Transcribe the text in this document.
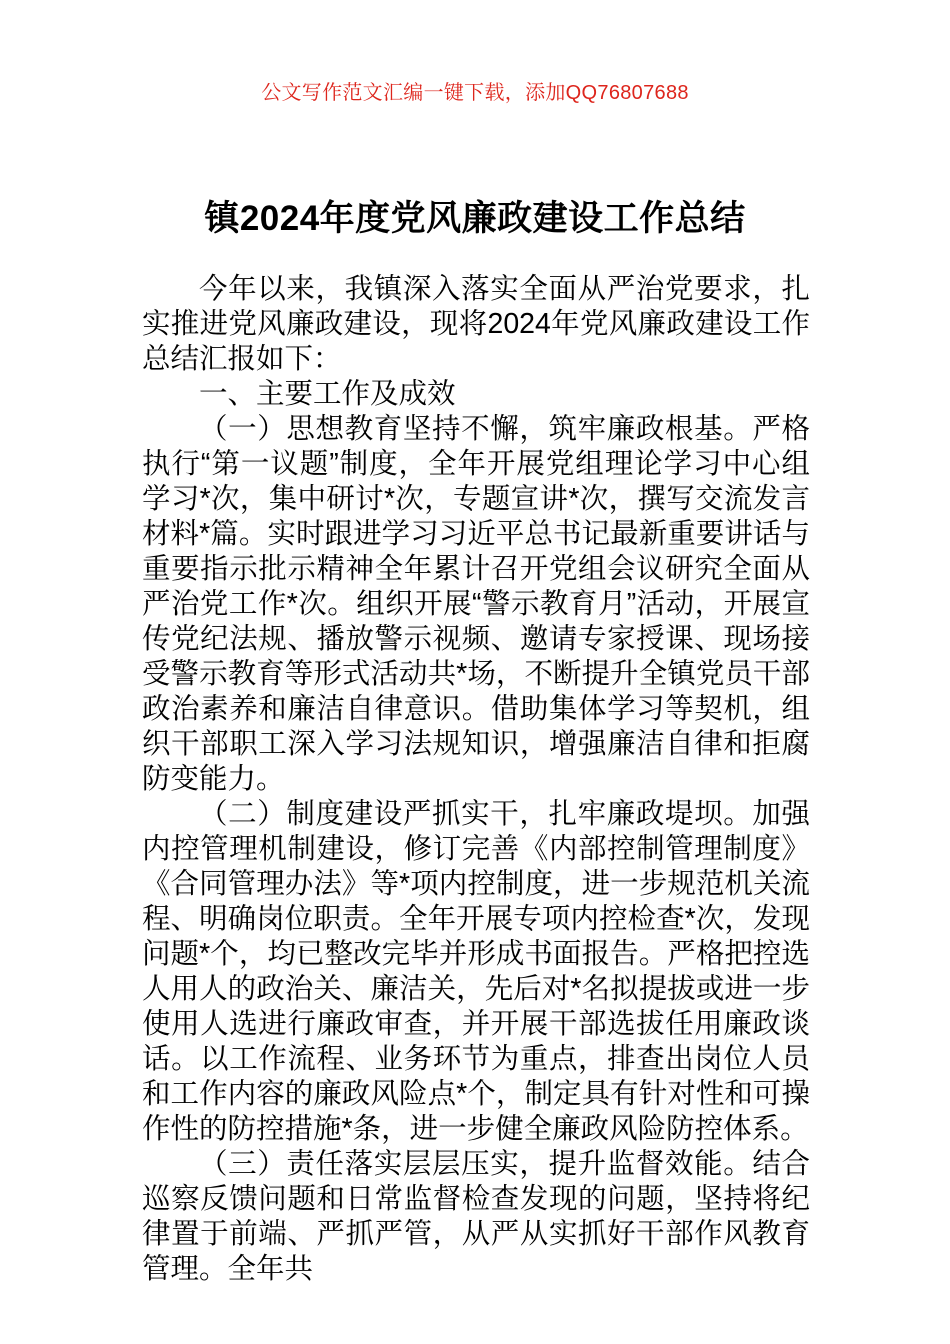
公文写作范文汇编一键下载，添加QQ76807688
镇2024年度党风廉政建设工作总结

今年以来，我镇深入落实全面从严治党要求，扎实推进党风廉政建设，现将2024年党风廉政建设工作总结汇报如下：

一、主要工作及成效

（一）思想教育坚持不懈，筑牢廉政根基。严格执行“第一议题”制度，全年开展党组理论学习中心组学习*次，集中研讨*次，专题宣讲*次，撰写交流发言材料*篇。实时跟进学习习近平总书记最新重要讲话与重要指示批示精神全年累计召开党组会议研究全面从严治党工作*次。组织开展“警示教育月”活动，开展宣传党纪法规、播放警示视频、邀请专家授课、现场接受警示教育等形式活动共*场，不断提升全镇党员干部政治素养和廉洁自律意识。借助集体学习等契机，组织干部职工深入学习法规知识，增强廉洁自律和拒腐防变能力。

（二）制度建设严抓实干，扎牢廉政堤坝。加强内控管理机制建设，修订完善《内部控制管理制度》《合同管理办法》等*项内控制度，进一步规范机关流程、明确岗位职责。全年开展专项内控检查*次，发现问题*个，均已整改完毕并形成书面报告。严格把控选人用人的政治关、廉洁关，先后对*名拟提拔或进一步使用人选进行廉政审查，并开展干部选拔任用廉政谈话。以工作流程、业务环节为重点，排查出岗位人员和工作内容的廉政风险点*个，制定具有针对性和可操作性的防控措施*条，进一步健全廉政风险防控体系。

（三）责任落实层层压实，提升监督效能。结合巡察反馈问题和日常监督检查发现的问题，坚持将纪律置于前端、严抓严管，从严从实抓好干部作风教育管理。全年共
